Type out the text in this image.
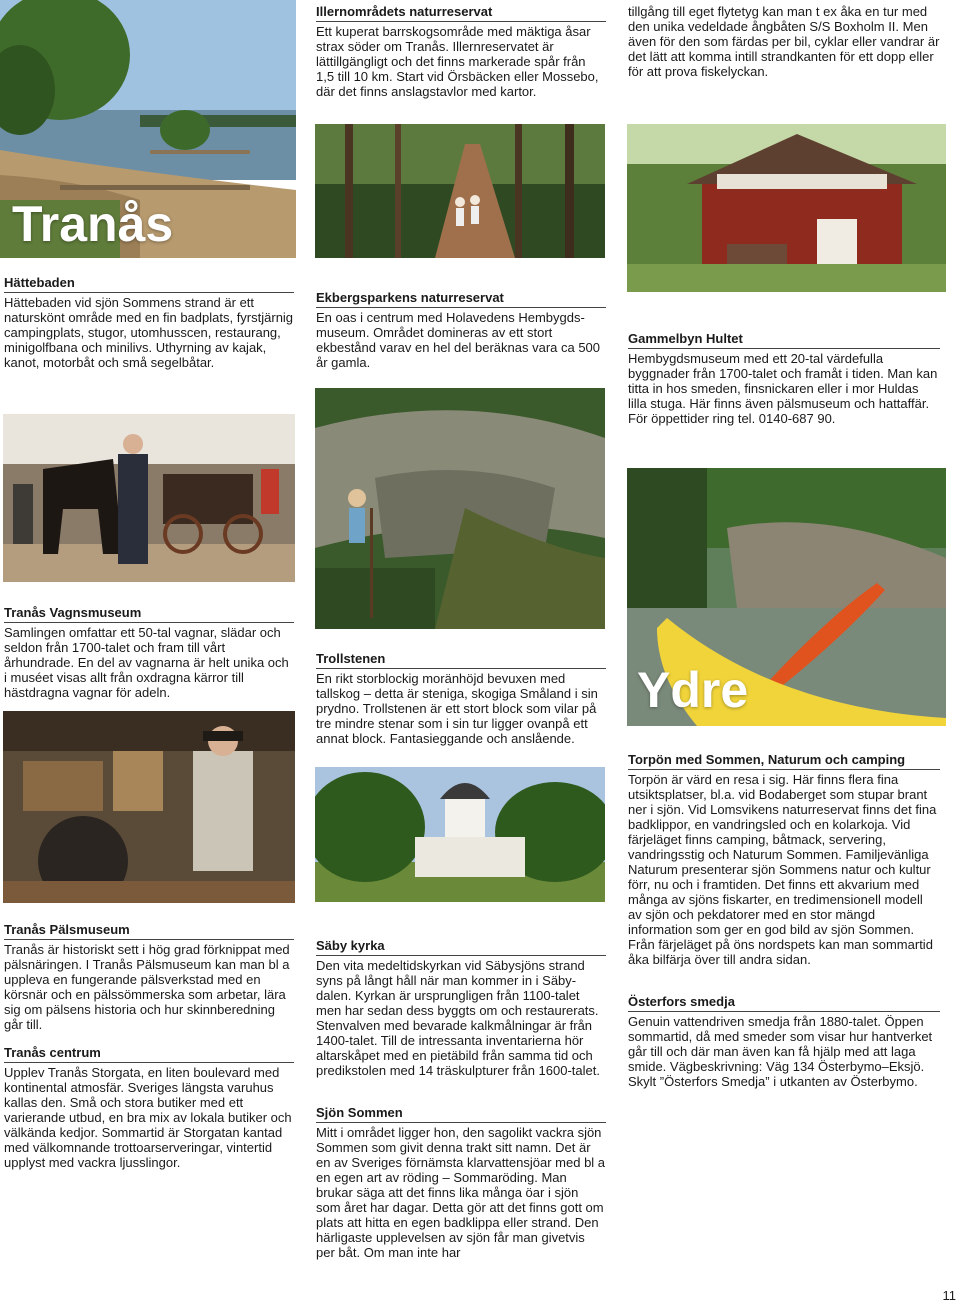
Tranås
Ydre
Illernområdets naturreservat
Ett kuperat barrskogsområde med mäktiga åsar strax söder om Tranås. Illernreservatet är lättillgängligt och det finns markerade spår från 1,5 till 10 km. Start vid Örsbäcken eller Mossebo, där det finns anslagstavlor med kartor.
tillgång till eget flytetyg kan man t ex åka en tur med den unika vedeldade ångbåten S/S Boxholm II. Men även för den som färdas per bil, cyklar eller vandrar är det lätt att komma intill strandkanten för ett dopp eller för att prova fiskelyckan.
Hättebaden
Hättebaden vid sjön Sommens strand är ett naturskönt område med en fin badplats, fyrstjärnig campingplats, stugor, utomhusscen, restaurang, minigolfbana och minilivs. Uthyrning av kajak, kanot, motorbåt och små segelbåtar.
Ekbergsparkens naturreservat
En oas i centrum med Holavedens Hembygdsmuseum. Området domineras av ett stort ekbestånd varav en hel del beräknas vara ca 500 år gamla.
Gammelbyn Hultet
Hembygdsmuseum med ett 20-tal värdefulla byggnader från 1700-talet och framåt i tiden. Man kan titta in hos smeden, finsnickaren eller i mor Huldas lilla stuga. Här finns även pälsmuseum och hattaffär. För öppettider ring tel. 0140-687 90.
Tranås Vagnsmuseum
Samlingen omfattar ett 50-tal vagnar, slädar och seldon från 1700-talet och fram till vårt århundrade. En del av vagnarna är helt unika och i muséet visas allt från oxdragna kärror till hästdragna vagnar för adeln.
Trollstenen
En rikt storblockig moränhöjd bevuxen med tallskog – detta är steniga, skogiga Småland i sin prydno. Trollstenen är ett stort block som vilar på tre mindre stenar som i sin tur ligger ovanpå ett annat block. Fantasieggande och anslående.
Torpön med Sommen, Naturum och camping
Torpön är värd en resa i sig. Här finns flera fina utsiktsplatser, bl.a. vid Bodaberget som stupar brant ner i sjön. Vid Lomsvikens naturreservat finns det fina badklippor, en vandringsled och en kolarkoja. Vid färjeläget finns camping, båtmack, servering, vandringsstig och Naturum Sommen. Familjevänliga Naturum presenterar sjön Sommens natur och kultur förr, nu och i framtiden. Det finns ett akvarium med många av sjöns fiskarter, en tredimensionell modell av sjön och pekdatorer med en stor mängd information som ger en god bild av sjön Sommen. Från färjeläget på öns nordspets kan man sommartid åka bilfärja över till andra sidan.
Tranås Pälsmuseum
Tranås är historiskt sett i hög grad förknippat med pälsnäringen. I Tranås Pälsmuseum kan man bl a uppleva en fungerande pälsverkstad med en körsnär och en pälssömmerska som arbetar, lära sig om pälsens historia och hur skinnberedning går till.
Säby kyrka
Den vita medeltidskyrkan vid Säbysjöns strand syns på långt håll när man kommer in i Säbydalen. Kyrkan är ursprungligen från 1100-talet men har sedan dess byggts om och restaurerats. Stenvalven med bevarade kalkmålningar är från 1400-talet. Till de intressanta inventarierna hör altarskåpet med en pietäbild från samma tid och predikstolen med 14 träskulpturer från 1600-talet.
Österfors smedja
Genuin vattendriven smedja från 1880-talet. Öppen sommartid, då med smeder som visar hur hantverket går till och där man även kan få hjälp med att laga smide. Vägbeskrivning: Väg 134 Österbymo–Eksjö. Skylt ”Österfors Smedja” i utkanten av Österbymo.
Tranås centrum
Upplev Tranås Storgata, en liten boulevard med kontinental atmosfär. Sveriges längsta varuhus kallas den. Små och stora butiker med ett varierande utbud, en bra mix av lokala butiker och välkända kedjor. Sommartid är Storgatan kantad med välkomnande trottoarserveringar, vintertid upplyst med vackra ljusslingor.
Sjön Sommen
Mitt i området ligger hon, den sagolikt vackra sjön Sommen som givit denna trakt sitt namn. Det är en av Sveriges förnämsta klarvattensjöar med bl a en egen art av röding – Sommaröding. Man brukar säga att det finns lika många öar i sjön som året har dagar. Detta gör att det finns gott om plats att hitta en egen badklippa eller strand. Den härligaste upplevelsen av sjön får man givetvis per båt. Om man inte har
11
